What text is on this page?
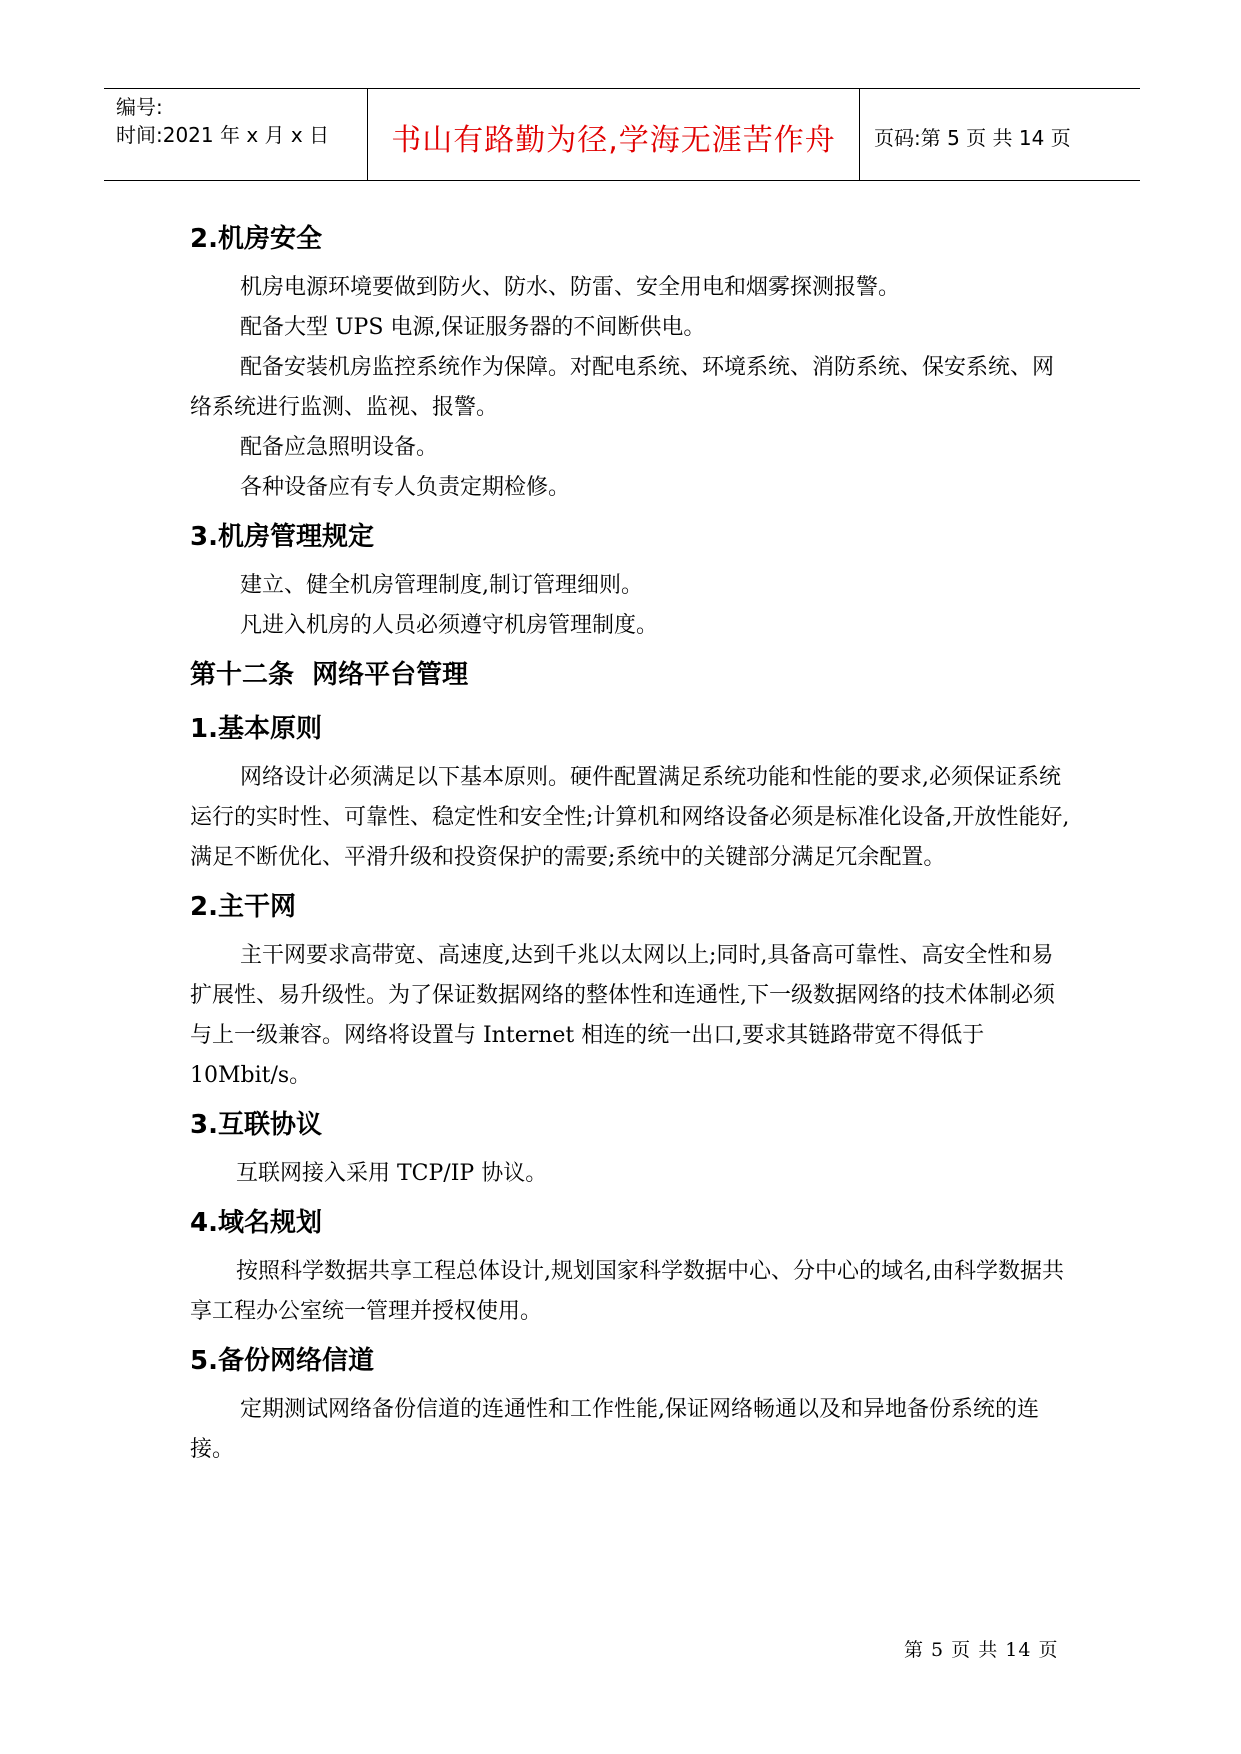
编号:
时间:2021 年 x 月 x 日	书山有路勤为径,学海无涯苦作舟 页码:第 5 页 共 14 页
2.机房安全

机房电源环境要做到防火、防水、防雷、安全用电和烟雾探测报警。

配备大型 UPS 电源,保证服务器的不间断供电。

配备安装机房监控系统作为保障。对配电系统、环境系统、消防系统、保安系统、网络系统进行监测、监视、报警。

配备应急照明设备。

各种设备应有专人负责定期检修。

3.机房管理规定

建立、健全机房管理制度,制订管理细则。

凡进入机房的人员必须遵守机房管理制度。

第十二条  网络平台管理
1.基本原则

网络设计必须满足以下基本原则。硬件配置满足系统功能和性能的要求,必须保证系统运行的实时性、可靠性、稳定性和安全性;计算机和网络设备必须是标准化设备,开放性能好,满足不断优化、平滑升级和投资保护的需要;系统中的关键部分满足冗余配置。

2.主干网

主干网要求高带宽、高速度,达到千兆以太网以上;同时,具备高可靠性、高安全性和易扩展性、易升级性。为了保证数据网络的整体性和连通性,下一级数据网络的技术体制必须与上一级兼容。网络将设置与 Internet 相连的统一出口,要求其链路带宽不得低于 10Mbit/s。

3.互联协议

互联网接入采用 TCP/IP 协议。

4.域名规划

按照科学数据共享工程总体设计,规划国家科学数据中心、分中心的域名,由科学数据共享工程办公室统一管理并授权使用。

5.备份网络信道

定期测试网络备份信道的连通性和工作性能,保证网络畅通以及和异地备份系统的连接。

第 5 页 共 14 页
